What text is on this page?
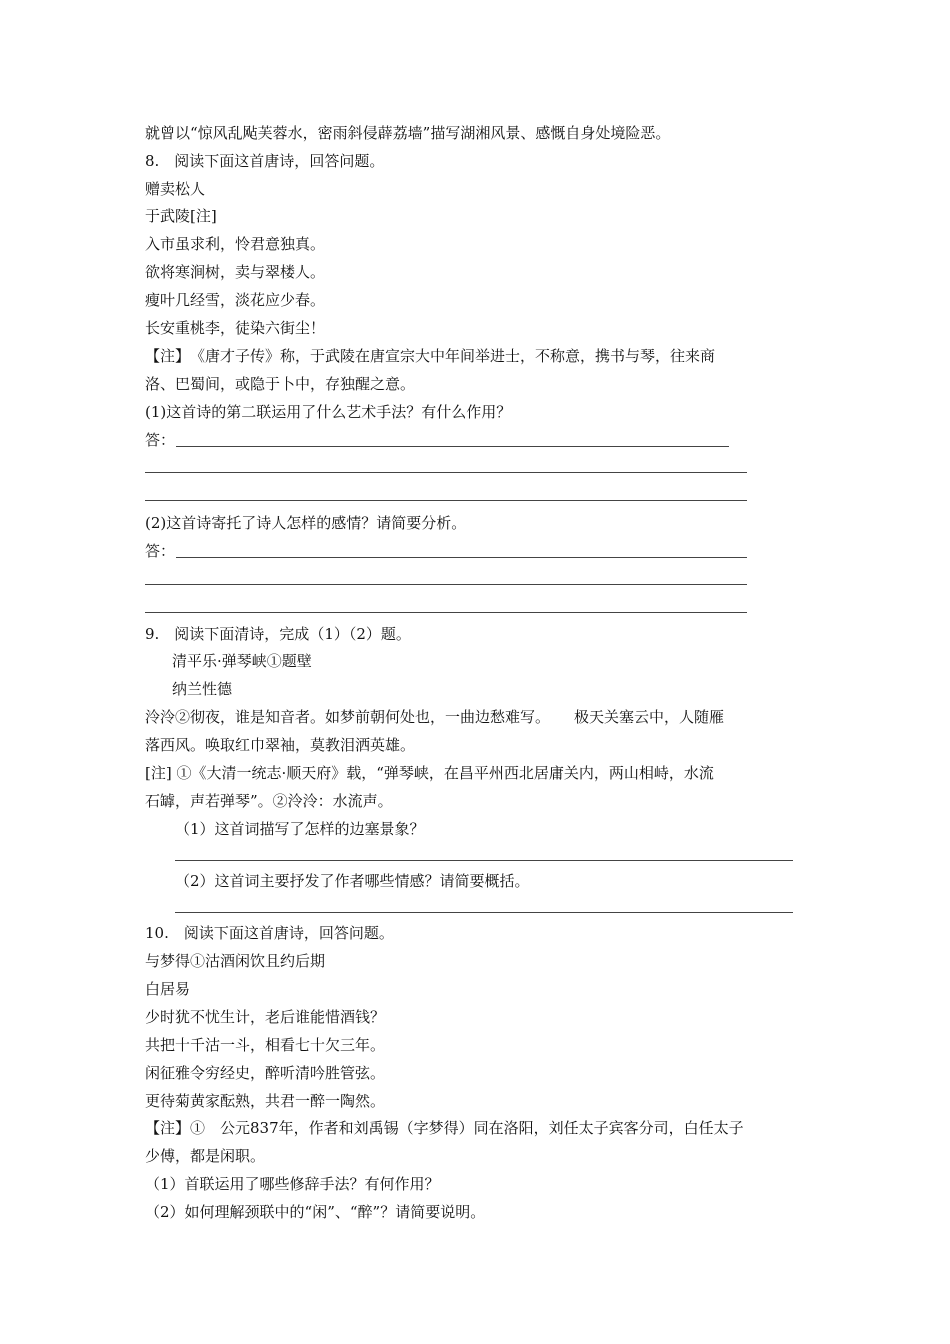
就曾以“惊风乱飐芙蓉水，密雨斜侵薜荔墙”描写湖湘风景、感慨自身处境险恶。
8.　阅读下面这首唐诗，回答问题。
赠卖松人
于武陵[注]
入市虽求利，怜君意独真。
欲将寒涧树，卖与翠楼人。
瘦叶几经雪，淡花应少春。
长安重桃李，徒染六街尘！
【注】　《唐才子传》称，于武陵在唐宣宗大中年间举进士，不称意，携书与琴，往来商
洛、巴蜀间，或隐于卜中，存独醒之意。
(1)这首诗的第二联运用了什么艺术手法？有什么作用？
答：
(2)这首诗寄托了诗人怎样的感情？请简要分析。
答：
9.　阅读下面清诗，完成（1）（2）题。
清平乐·弹琴峡①题壁
纳兰性德
泠泠②彻夜，谁是知音者。如梦前朝何处也，一曲边愁难写。 极天关塞云中，人随雁
落西风。唤取红巾翠袖，莫教泪洒英雄。
[注] ①《大清一统志·顺天府》载，“弹琴峡，在昌平州西北居庸关内，两山相峙，水流
石罅，声若弹琴”。②泠泠：水流声。
（1）这首词描写了怎样的边塞景象？
（2）这首词主要抒发了作者哪些情感？请简要概括。
10.　阅读下面这首唐诗，回答问题。
与梦得①沽酒闲饮且约后期
白居易
少时犹不忧生计，老后谁能惜酒钱？
共把十千沽一斗，相看七十欠三年。
闲征雅令穷经史，醉听清吟胜管弦。
更待菊黄家酝熟，共君一醉一陶然。
【注】①　公元837年，作者和刘禹锡（字梦得）同在洛阳，刘任太子宾客分司，白任太子
少傅，都是闲职。
（1）首联运用了哪些修辞手法？有何作用？
（2）如何理解颈联中的“闲”、“醉”？请简要说明。
